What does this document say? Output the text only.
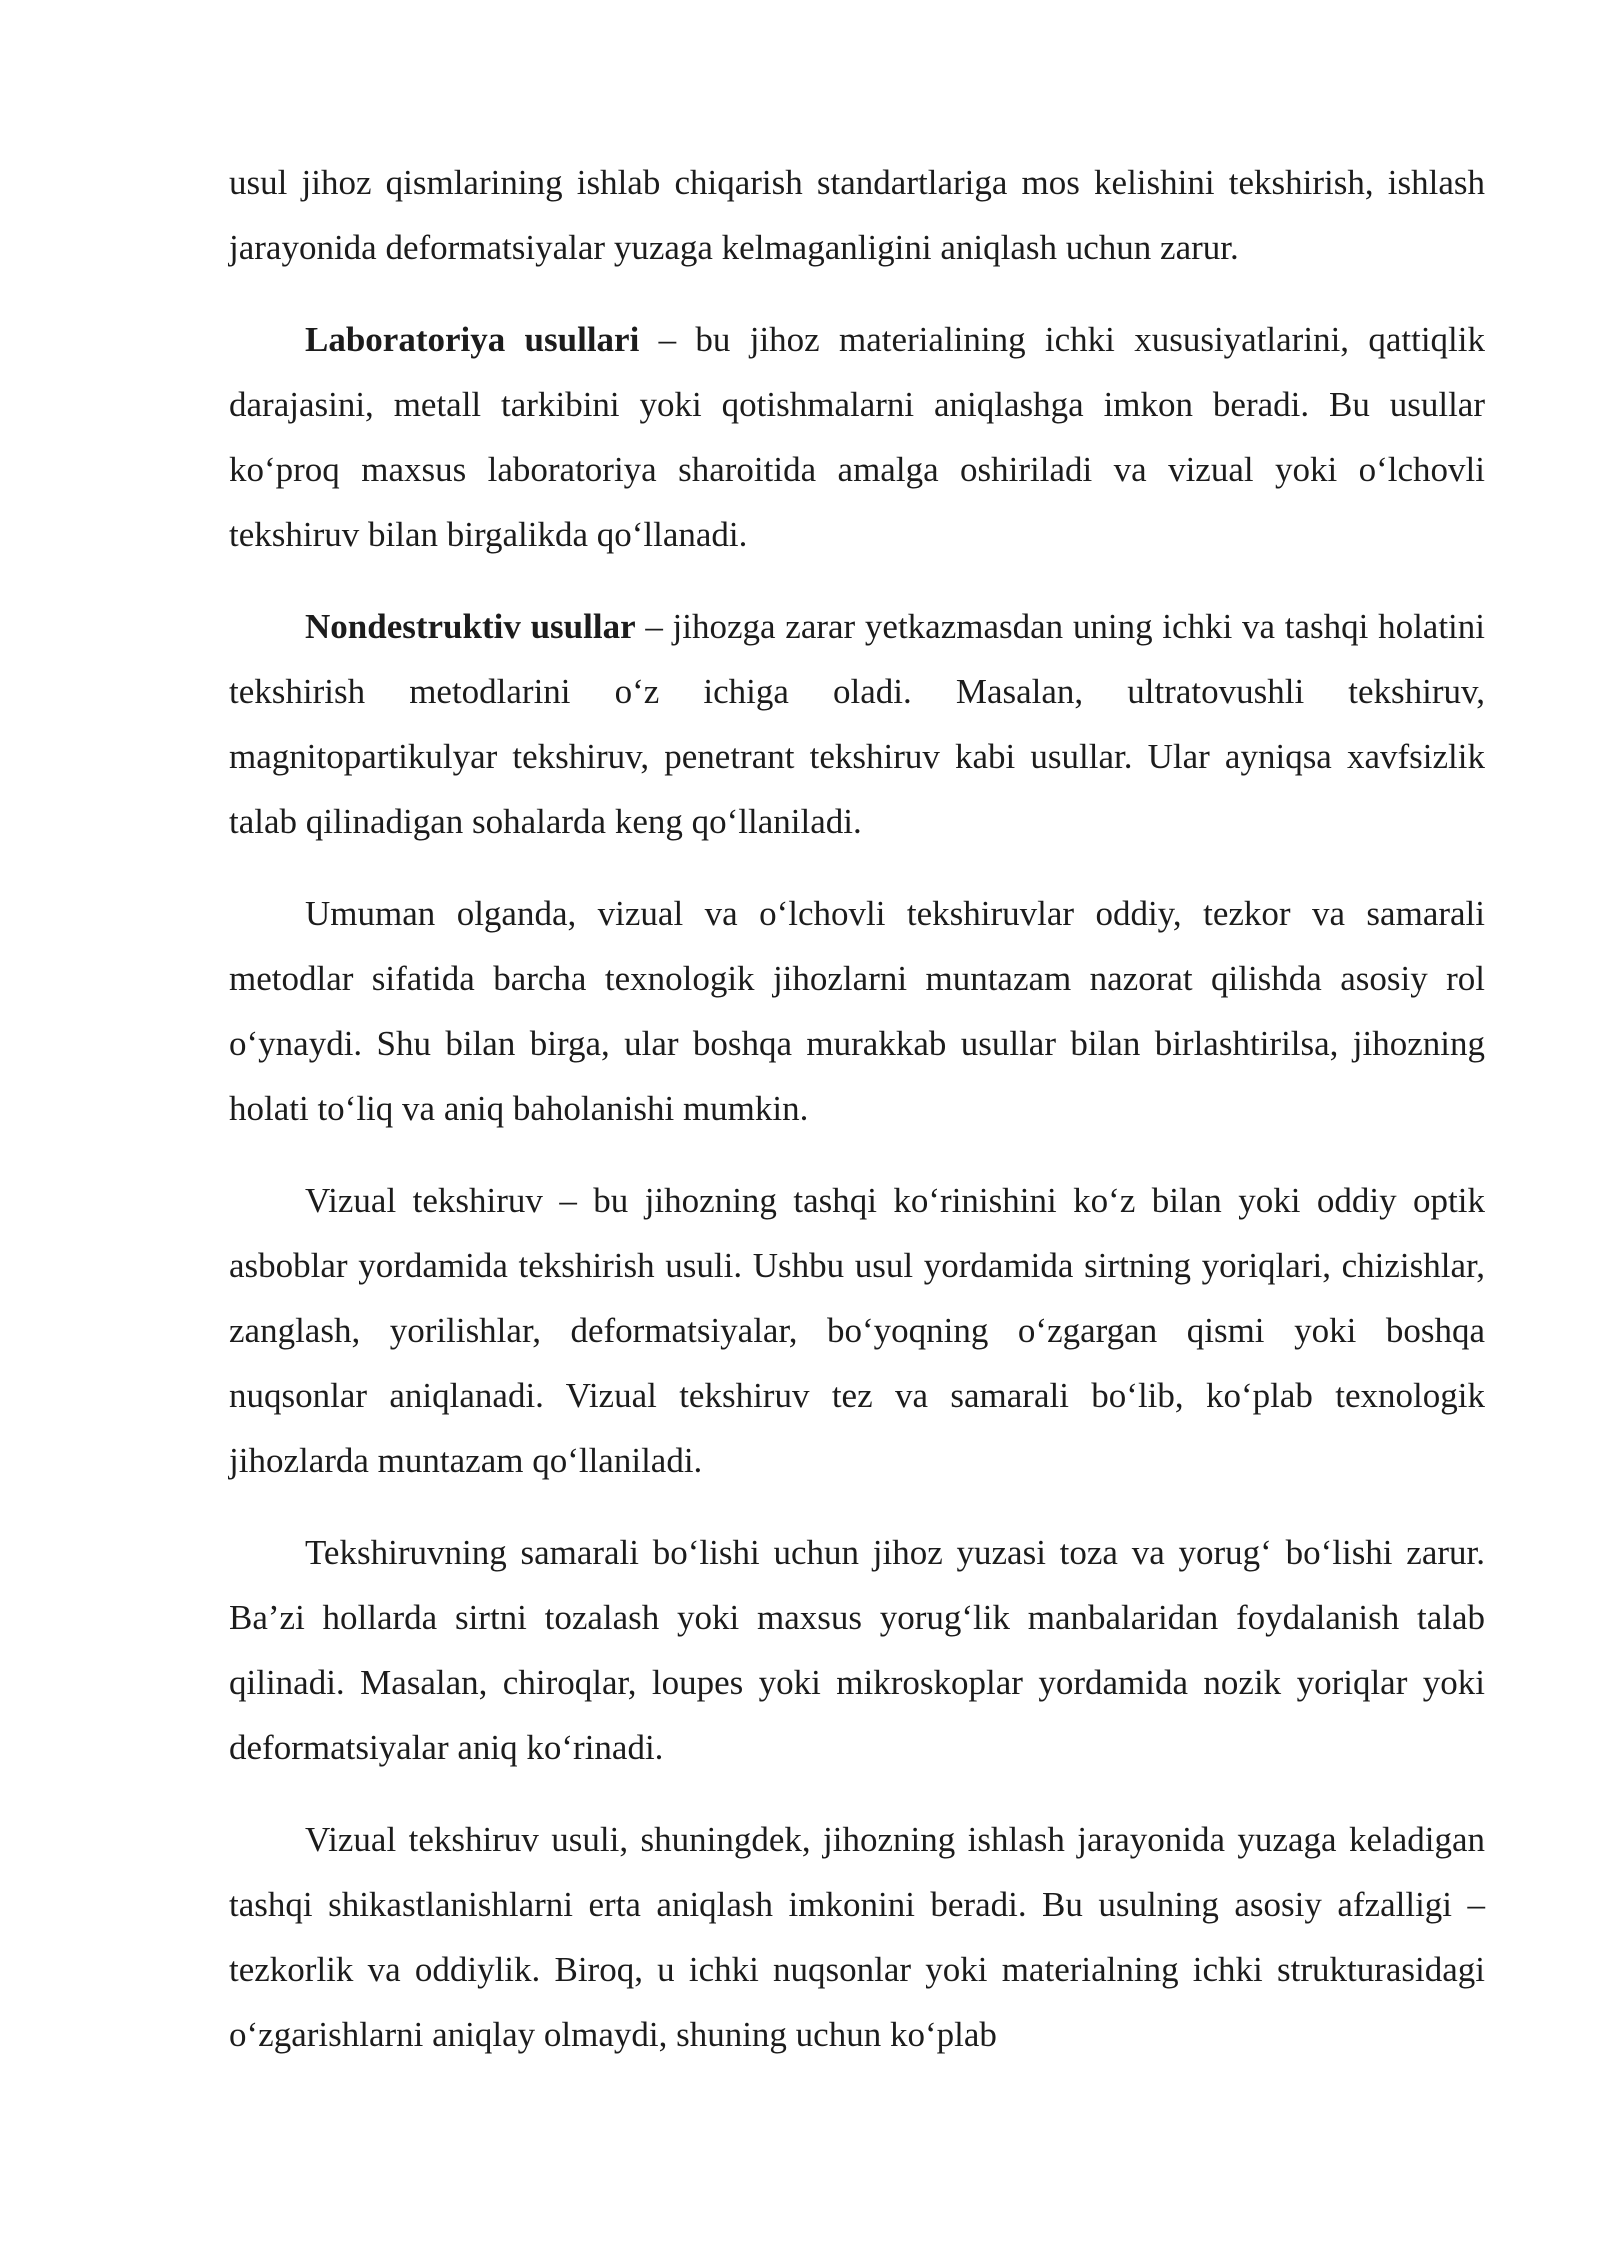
usul jihoz qismlarining ishlab chiqarish standartlariga mos kelishini tekshirish, ishlash jarayonida deformatsiyalar yuzaga kelmaganligini aniqlash uchun zarur.

Laboratoriya usullari – bu jihoz materialining ichki xususiyatlarini, qattiqlik darajasini, metall tarkibini yoki qotishmalarni aniqlashga imkon beradi. Bu usullar ko‘proq maxsus laboratoriya sharoitida amalga oshiriladi va vizual yoki o‘lchovli tekshiruv bilan birgalikda qo‘llanadi.

Nondestruktiv usullar – jihozga zarar yetkazmasdan uning ichki va tashqi holatini tekshirish metodlarini o‘z ichiga oladi. Masalan, ultratovushli tekshiruv, magnitopartikulyar tekshiruv, penetrant tekshiruv kabi usullar. Ular ayniqsa xavfsizlik talab qilinadigan sohalarda keng qo‘llaniladi.

Umuman olganda, vizual va o‘lchovli tekshiruvlar oddiy, tezkor va samarali metodlar sifatida barcha texnologik jihozlarni muntazam nazorat qilishda asosiy rol o‘ynaydi. Shu bilan birga, ular boshqa murakkab usullar bilan birlashtirilsa, jihozning holati to‘liq va aniq baholanishi mumkin.

Vizual tekshiruv – bu jihozning tashqi ko‘rinishini ko‘z bilan yoki oddiy optik asboblar yordamida tekshirish usuli. Ushbu usul yordamida sirtning yoriqlari, chizishlar, zanglash, yorilishlar, deformatsiyalar, bo‘yoqning o‘zgargan qismi yoki boshqa nuqsonlar aniqlanadi. Vizual tekshiruv tez va samarali bo‘lib, ko‘plab texnologik jihozlarda muntazam qo‘llaniladi.

Tekshiruvning samarali bo‘lishi uchun jihoz yuzasi toza va yorug‘ bo‘lishi zarur. Ba’zi hollarda sirtni tozalash yoki maxsus yorug‘lik manbalaridan foydalanish talab qilinadi. Masalan, chiroqlar, loupes yoki mikroskoplar yordamida nozik yoriqlar yoki deformatsiyalar aniq ko‘rinadi.

Vizual tekshiruv usuli, shuningdek, jihozning ishlash jarayonida yuzaga keladigan tashqi shikastlanishlarni erta aniqlash imkonini beradi. Bu usulning asosiy afzalligi – tezkorlik va oddiylik. Biroq, u ichki nuqsonlar yoki materialning ichki strukturasidagi o‘zgarishlarni aniqlay olmaydi, shuning uchun ko‘plab
